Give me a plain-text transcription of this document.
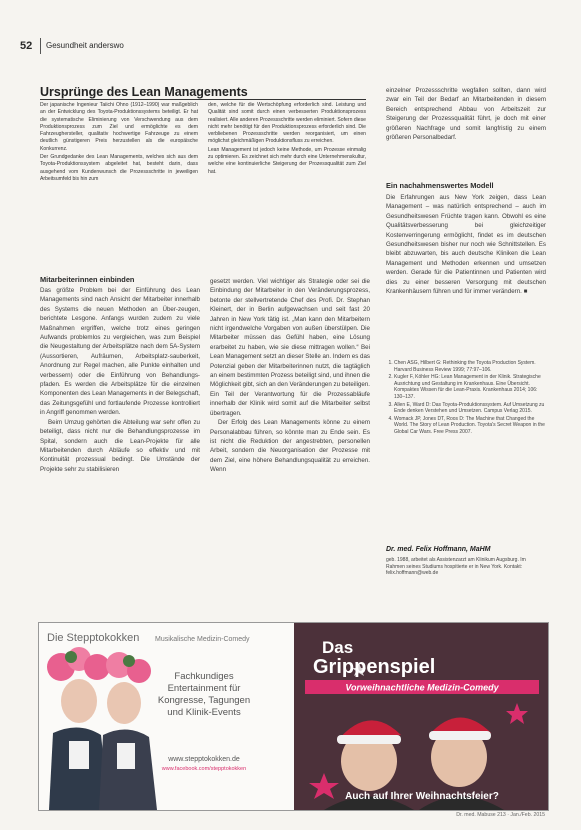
52 Gesundheit anderswo
Ursprünge des Lean Managements

Der japanische Ingenieur Taiichi Ohno (1912–1990) war maßgeblich an der Entwicklung des Toyota-Produktionssystems beteiligt. Er hat die systematische Eliminierung von Verschwendung aus dem Produktionsprozess zum Ziel und ermöglichte es dem Fahrzeughersteller, qualitativ hochwertige Fahrzeuge zu einem deutlich günstigeren Preis herzustellen als die europäische Konkurrenz.

Der Grundgedanke des Lean Managements, welches sich aus dem Toyota-Produktionssystem abgeleitet hat, besteht darin, dass ausgehend vom Kundenwunsch die Prozessschritte in jeweiligen Arbeitsumfeld bis hin zum

den, welche für die Wertschöpfung erforderlich sind. Leistung und Qualität sind somit durch einen verbesserten Produktionsprozess realisiert. Alle anderen Prozessschritte werden eliminiert. Sofern diese nicht mehr benötigt für den Produktionsprozess erforderlich sind. Die verbliebenen Prozessschritte werden reorganisiert, um einen möglichst gleichmäßigen Produktionsfluss zu erreichen.

Lean Management ist jedoch keine Methode, um Prozesse einmalig zu optimieren. Es zeichnet sich mehr durch eine Unternehmenskultur, welche eine kontinuierliche Steigerung der Prozessqualität zum Ziel hat.

Mitarbeiterinnen einbinden

Das größte Problem bei der Einführung des Lean Managements sind nach Ansicht der Mitarbeiter innerhalb des Systems die neuen Methoden an Über-zeugen, berichtete Lesgone. Anfangs wurden zudem zu viele Maßnahmen ergriffen, welche trotz eines geringen Aufwands problemlos zu vergleichen, was zum Beispiel die Neugestaltung der Arbeitsplätze nach dem 5A-System (Aussortieren, Aufräumen, Arbeitsplatz-sauberkeit, Anordnung zur Regel machen, alle Punkte einhalten und verbessern) oder die Einführung von Behandlungs-pfaden. Es werden die Arbeitsplätze für die einzelnen Komponenten des Lean Managements in der Belegschaft, das Zeitungsgefühl und fortlaufende Prozesse kontrolliert in Angriff genommen werden.

Beim Umzug gehörten die Abteilung war sehr offen zu beteiligt, dass nicht nur die Behandlungsprozesse im Spital, sondern auch die Lean-Projekte für alle Mitarbeitenden durch Abläufe so effektiv und mit Kontinuität prozessual bedingt. Die Umstände der Projekte sehr zu stabilisieren

gesetzt werden. Viel wichtiger als Strategie oder sei die Einbindung der Mitarbeiter in den Veränderungsprozess, betonte der stellvertretende Chef des Profi. Dr. Stephan Kleinert, der in Berlin aufgewachsen und seit fast 20 Jahren in New York tätig ist. „Man kann den Mitarbeitern nicht irgendwelche Vorgaben von außen überstülpen. Die Mitarbeiter müssen das Gefühl haben, eine Lösung erarbeitet zu haben, wie sie diese mittragen wollen.“ Bei Lean Management setzt an dieser Stelle an. Indem es das Potenzial geben der Mitarbeiterinnen nutzt, die tagtäglich an einem bestimmten Prozess beteiligt sind, und ihnen die Möglichkeit gibt, sich an den Veränderungen zu beteiligen. Ein Teil der Verantwortung für die Prozessabläufe innerhalb der Klinik wird somit auf die Mitarbeiter selbst übertragen.

Der Erfolg des Lean Managements könne zu einem Personalabbau führen, so könnte man zu Ende sein. Es ist nicht die Reduktion der angestrebten, personellen Arbeit, sondern die Neuorganisation der Prozesse mit dem Ziel, eine höhere Behandlungsqualität zu erreichen. Wenn

einzelner Prozessschritte wegfallen sollten, dann wird zwar ein Teil der Bedarf an Mitarbeitenden in diesem Bereich entsprechend Abbau von Arbeitszeit zur Steigerung der Prozessqualität führt, je doch mit einer größeren Nachfrage und somit langfristig zu einem größeren Personalbedarf.

Ein nachahmenswertes Modell

Die Erfahrungen aus New York zeigen, dass Lean Management – was natürlich entsprechend – auch im Gesundheitswesen Früchte tragen kann. Obwohl es eine Qualitätsverbesserung bei gleichzeitiger Kostenverringerung ermöglicht, findet es im deutschen Gesundheitswesen bisher nur noch wie Schnittstellen. Es bleibt abzuwarten, bis auch deutsche Kliniken die Lean Management und Methoden erkennen und umsetzen werden. Gerade für die Patientinnen und Patienten wird dies zu einer besseren Versorgung mit deutschen Krankenhäusern führen und für immer verändern. ■

1. Chen ASG, Hilbert G: Rethinking the Toyota Production System. Harvard Business Review 1999; 77:97–106.
2. Kugler F, Köhler HG: Lean Management in der Klinik. Strategische Ausrichtung und Gestaltung im Krankenhaus. Eine Übersicht. Kompaktes Wissen für die Lean-Praxis. Krankenhaus 2014; 106: 130–137.
3. Allen E, Ward D: Das Toyota-Produktionssystem. Auf Umsetzung zu Ende denken Verstehen und Umsetzen. Campus Verlag 2015.
4. Womack JP, Jones DT, Roos D: The Machine that Changed the World. The Story of Lean Production. Toyota's Secret Weapon in the Global Car Wars. Free Press 2007.
Dr. med. Felix Hoffmann, MaHM
geb. 1988, arbeitet als Assistenzarzt am Klinikum Augsburg. Im Rahmen seines Studiums hospitierte er in New York. Kontakt: felix.hoffmann@web.de
Die Stepptokokken Musikalische Medizin-Comedy
Fachkundiges
Entertainment für
Kongresse, Tagungen
und Klinik-Events
www.stepptokokken.de
www.facebook.com/stepptokokken
Das
Grippenspiel
Vorweihnachtliche Medizin-Comedy
Auch auf Ihrer Weihnachtsfeier?
Dr. med. Mabuse 213 · Jan./Feb. 2015
